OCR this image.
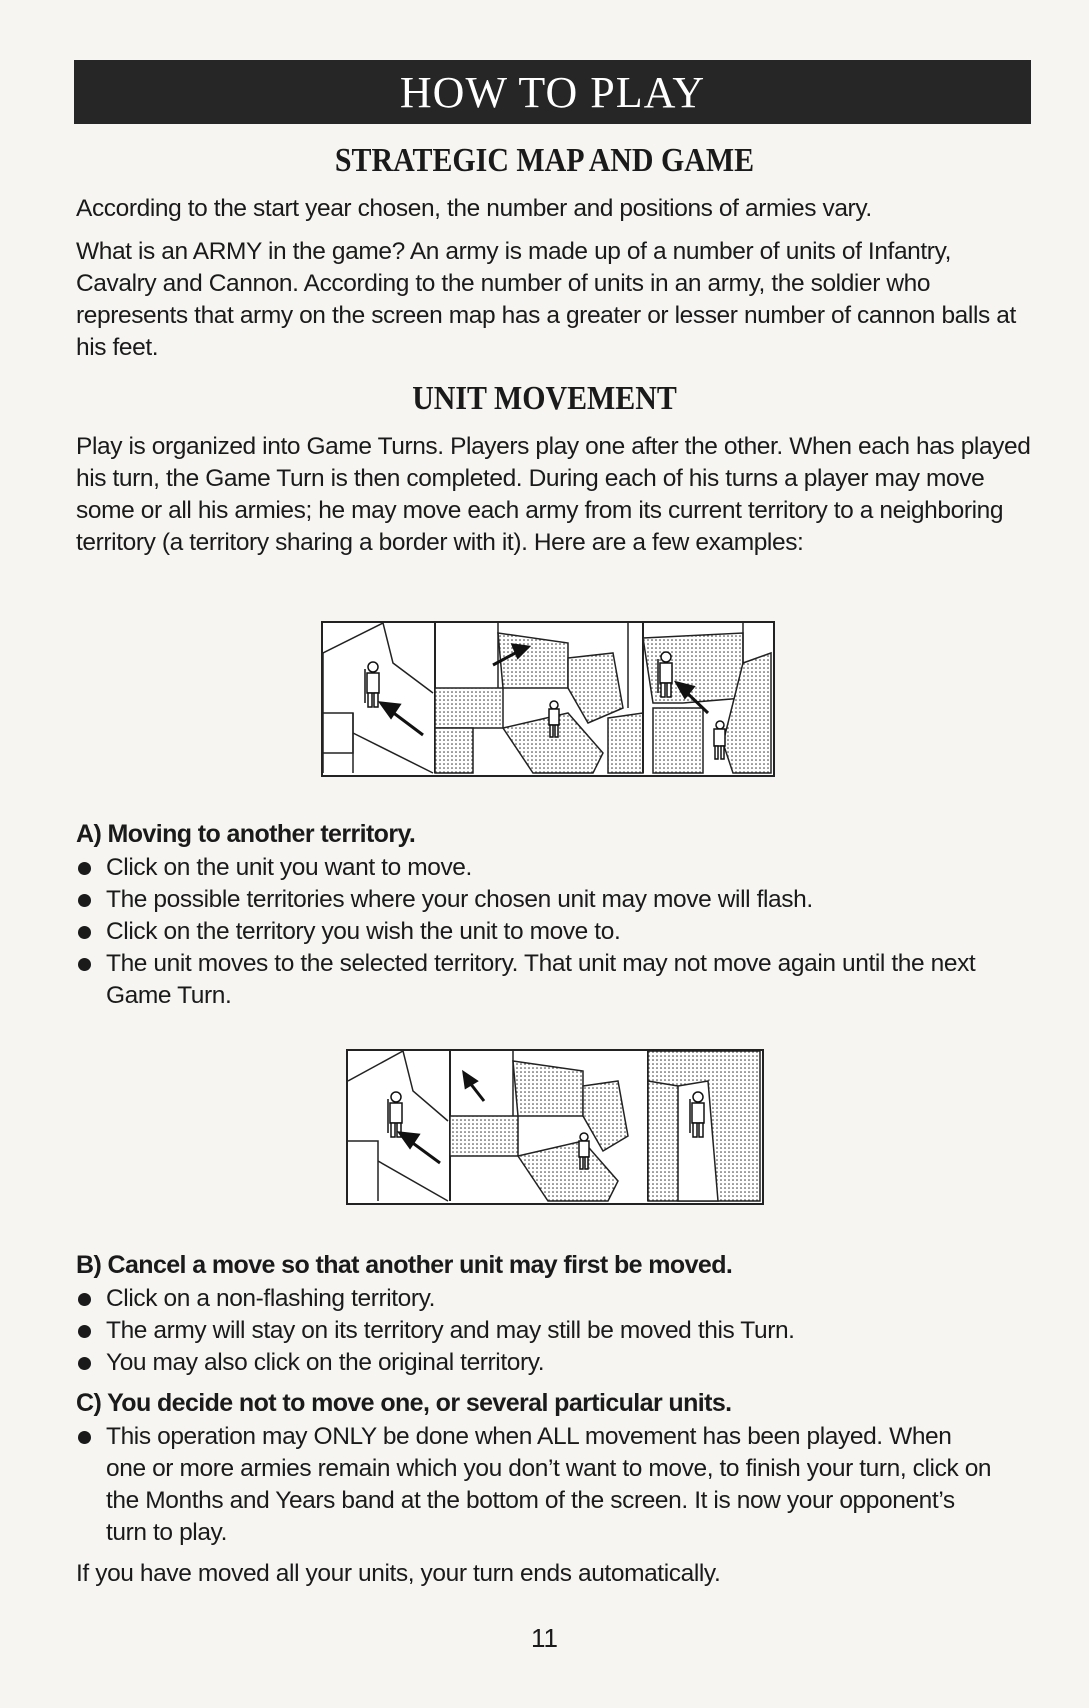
HOW TO PLAY
STRATEGIC MAP AND GAME
According to the start year chosen, the number and positions of armies vary.
What is an ARMY in the game? An army is made up of a number of units of Infantry, Cavalry and Cannon. According to the number of units in an army, the soldier who represents that army on the screen map has a greater or lesser number of cannon balls at his feet.
UNIT MOVEMENT
Play is organized into Game Turns. Players play one after the other. When each has played his turn, the Game Turn is then completed. During each of his turns a player may move some or all his armies; he may move each army from its current territory to a neighboring territory (a territory sharing a border with it). Here are a few examples:
A) Moving to another territory.
Click on the unit you want to move.
The possible territories where your chosen unit may move will flash.
Click on the territory you wish the unit to move to.
The unit moves to the selected territory. That unit may not move again until the next Game Turn.
B) Cancel a move so that another unit may first be moved.
Click on a non-flashing territory.
The army will stay on its territory and may still be moved this Turn.
You may also click on the original territory.
C) You decide not to move one, or several particular units.
This operation may ONLY be done when ALL movement has been played. When one or more armies remain which you don’t want to move, to finish your turn, click on the Months and Years band at the bottom of the screen. It is now your opponent’s turn to play.
If you have moved all your units, your turn ends automatically.
11
